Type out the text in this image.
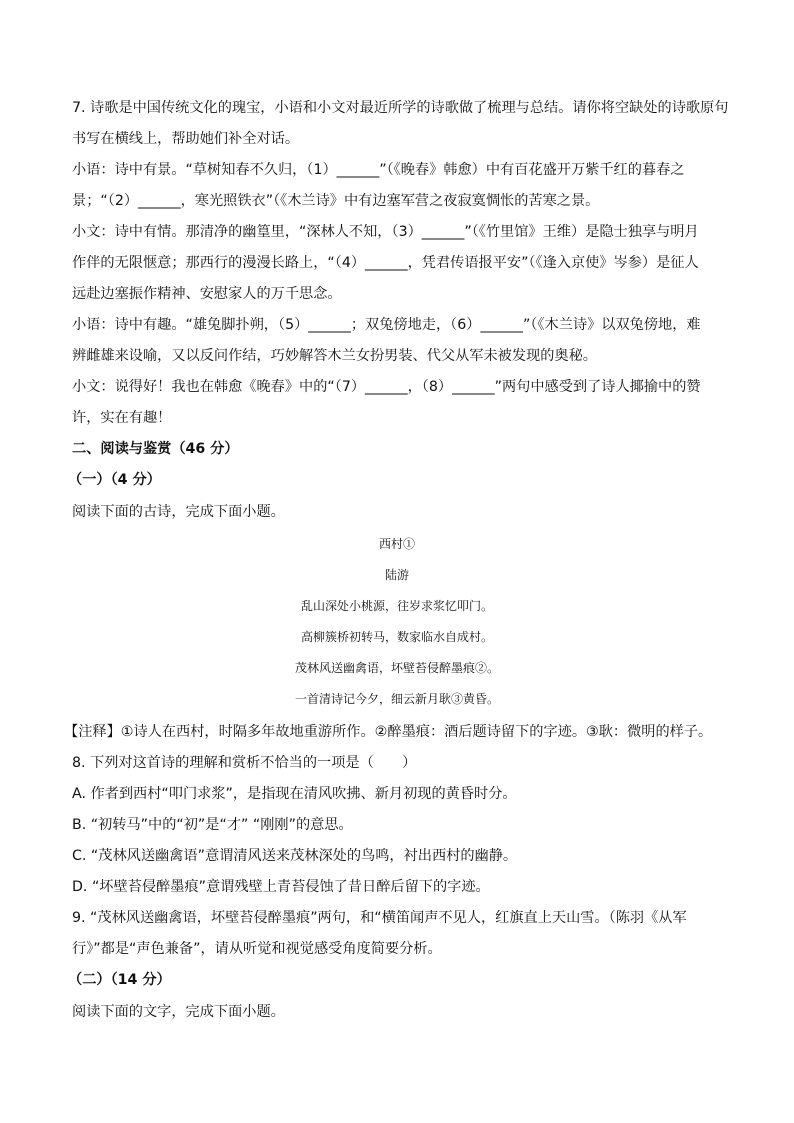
7. 诗歌是中国传统文化的瑰宝，小语和小文对最近所学的诗歌做了梳理与总结。请你将空缺处的诗歌原句
书写在横线上，帮助她们补全对话。
小语：诗中有景。“草树知春不久归，（1）______”（《晚春》韩愈）中有百花盛开万紫千红的暮春之
景；“（2）______，寒光照铁衣”（《木兰诗》中有边塞军营之夜寂寞惆怅的苦寒之景。
小文：诗中有情。那清净的幽篁里，“深林人不知，（3）______”（《竹里馆》王维）是隐士独享与明月
作伴的无限惬意；那西行的漫漫长路上，“（4）______，凭君传语报平安”（《逢入京使》岑参）是征人
远赴边塞振作精神、安慰家人的万千思念。
小语：诗中有趣。“雄兔脚扑朔，（5）______；双兔傍地走，（6）______”（《木兰诗》以双兔傍地，难
辨雌雄来设喻，又以反问作结，巧妙解答木兰女扮男装、代父从军未被发现的奥秘。
小文：说得好！我也在韩愈《晚春》中的“（7）______，（8）______”两句中感受到了诗人揶揄中的赞
许，实在有趣！
二、阅读与鉴赏（46 分）
（一）（4 分）
阅读下面的古诗，完成下面小题。
西村①
陆游
乱山深处小桃源，往岁求浆忆叩门。
高柳簇桥初转马，数家临水自成村。
茂林风送幽禽语，坏壁苔侵醉墨痕②。
一首清诗记今夕，细云新月耿③黄昏。
【注释】①诗人在西村，时隔多年故地重游所作。②醉墨痕：酒后题诗留下的字迹。③耿：微明的样子。
8. 下列对这首诗的理解和赏析不恰当的一项是（　　）
A. 作者到西村“叩门求浆”，是指现在清风吹拂、新月初现的黄昏时分。
B. “初转马”中的“初”是“才” “刚刚”的意思。
C. “茂林风送幽禽语”意谓清风送来茂林深处的鸟鸣，衬出西村的幽静。
D. “坏壁苔侵醉墨痕”意谓残壁上青苔侵蚀了昔日醉后留下的字迹。
9. “茂林风送幽禽语，坏壁苔侵醉墨痕”两句，和“横笛闻声不见人，红旗直上天山雪。（陈羽《从军
行》”都是“声色兼备”，请从听觉和视觉感受角度简要分析。
（二）（14 分）
阅读下面的文字，完成下面小题。
